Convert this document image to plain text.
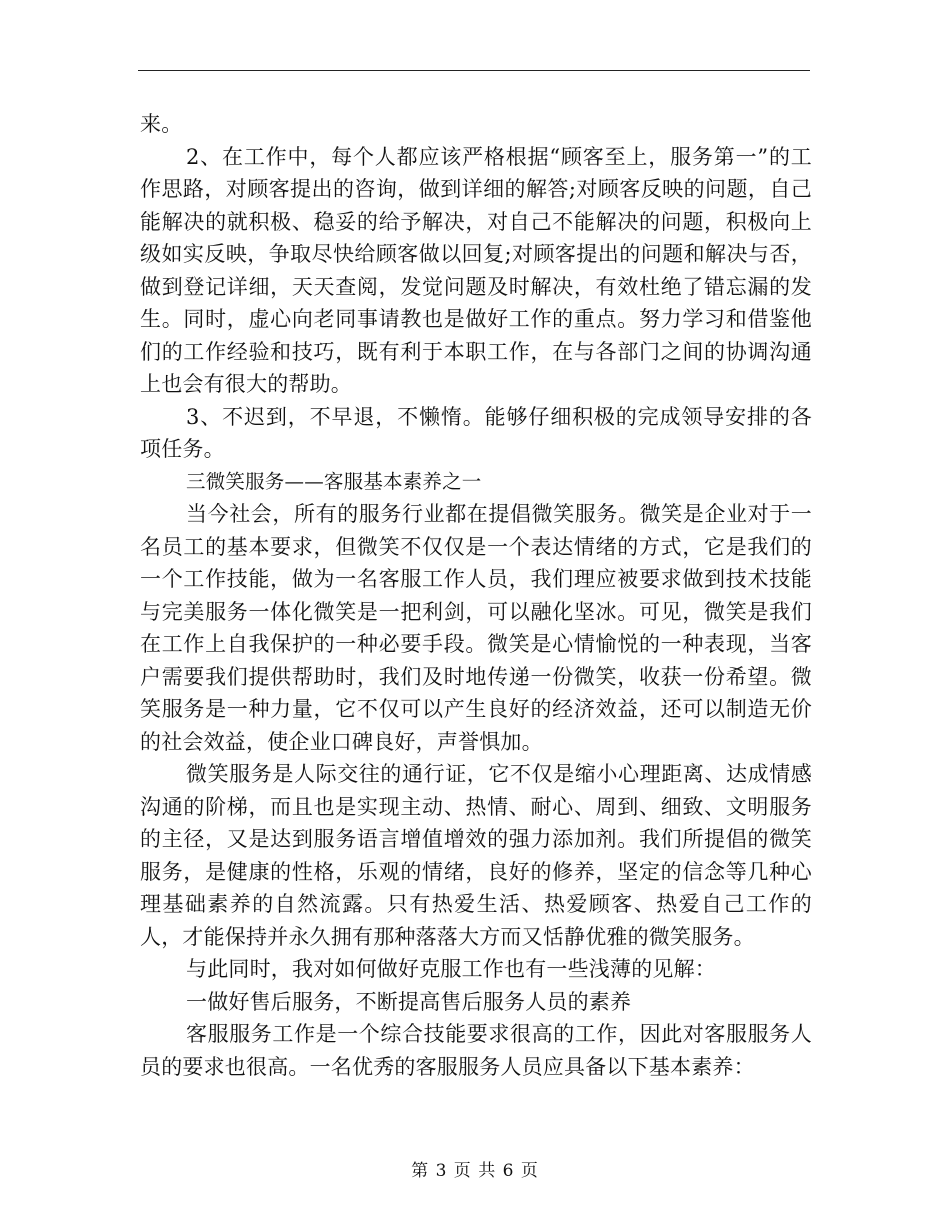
来。

2、在工作中，每个人都应该严格根据“顾客至上，服务第一”的工作思路，对顾客提出的咨询，做到详细的解答;对顾客反映的问题，自己能解决的就积极、稳妥的给予解决，对自己不能解决的问题，积极向上级如实反映，争取尽快给顾客做以回复;对顾客提出的问题和解决与否，做到登记详细，天天查阅，发觉问题及时解决，有效杜绝了错忘漏的发生。同时，虚心向老同事请教也是做好工作的重点。努力学习和借鉴他们的工作经验和技巧，既有利于本职工作，在与各部门之间的协调沟通上也会有很大的帮助。

3、不迟到，不早退，不懒惰。能够仔细积极的完成领导安排的各项任务。

三微笑服务——客服基本素养之一

当今社会，所有的服务行业都在提倡微笑服务。微笑是企业对于一名员工的基本要求，但微笑不仅仅是一个表达情绪的方式，它是我们的一个工作技能，做为一名客服工作人员，我们理应被要求做到技术技能与完美服务一体化微笑是一把利剑，可以融化坚冰。可见，微笑是我们在工作上自我保护的一种必要手段。微笑是心情愉悦的一种表现，当客户需要我们提供帮助时，我们及时地传递一份微笑，收获一份希望。微笑服务是一种力量，它不仅可以产生良好的经济效益，还可以制造无价的社会效益，使企业口碑良好，声誉惧加。

微笑服务是人际交往的通行证，它不仅是缩小心理距离、达成情感沟通的阶梯，而且也是实现主动、热情、耐心、周到、细致、文明服务的主径，又是达到服务语言增值增效的强力添加剂。我们所提倡的微笑服务，是健康的性格，乐观的情绪，良好的修养，坚定的信念等几种心理基础素养的自然流露。只有热爱生活、热爱顾客、热爱自己工作的人，才能保持并永久拥有那种落落大方而又恬静优雅的微笑服务。

与此同时，我对如何做好克服工作也有一些浅薄的见解：

一做好售后服务，不断提高售后服务人员的素养

客服服务工作是一个综合技能要求很高的工作，因此对客服服务人员的要求也很高。一名优秀的客服服务人员应具备以下基本素养：

第 3 页 共 6 页
